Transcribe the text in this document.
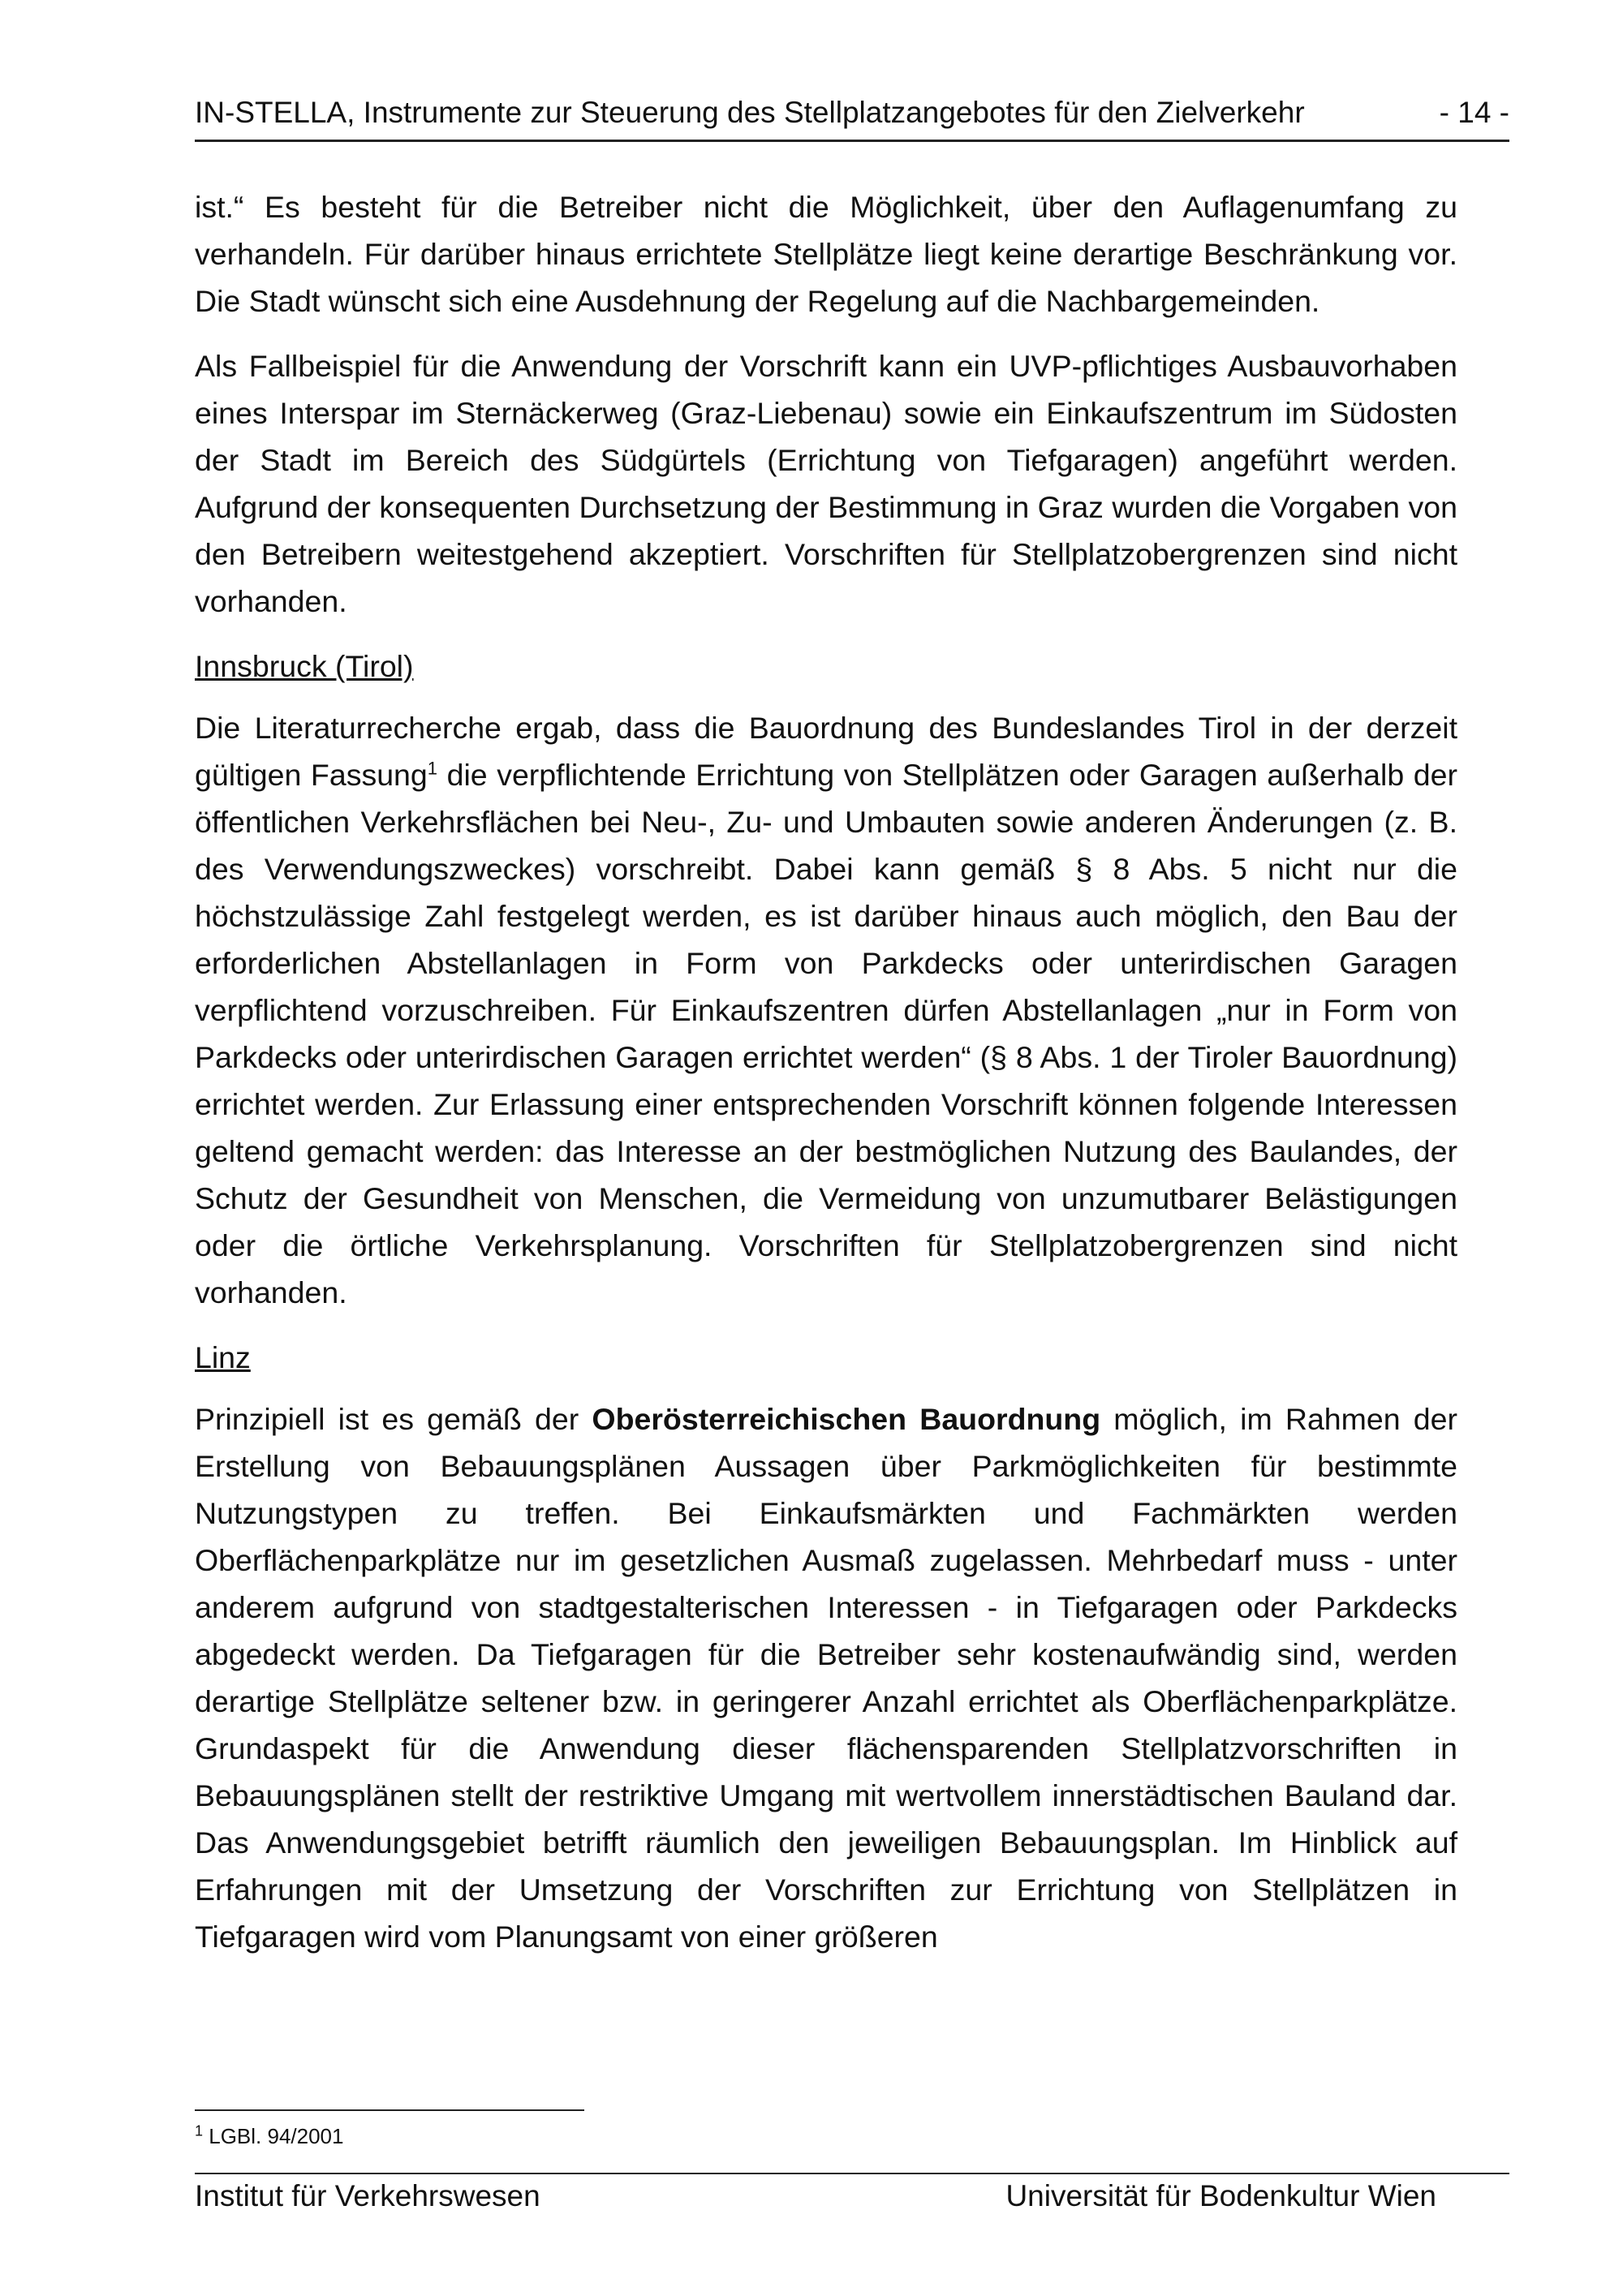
IN-STELLA, Instrumente zur Steuerung des Stellplatzangebotes für den Zielverkehr	- 14 -

ist.“ Es besteht für die Betreiber nicht die Möglichkeit, über den Auflagenumfang zu verhandeln. Für darüber hinaus errichtete Stellplätze liegt keine derartige Beschränkung vor. Die Stadt wünscht sich eine Ausdehnung der Regelung auf die Nachbargemeinden.

Als Fallbeispiel für die Anwendung der Vorschrift kann ein UVP-pflichtiges Ausbauvorhaben eines Interspar im Sternäckerweg (Graz-Liebenau) sowie ein Einkaufszentrum im Südosten der Stadt im Bereich des Südgürtels (Errichtung von Tiefgaragen) angeführt werden. Aufgrund der konsequenten Durchsetzung der Bestimmung in Graz wurden die Vorgaben von den Betreibern weitestgehend akzeptiert. Vorschriften für Stellplatzobergrenzen sind nicht vorhanden.

Innsbruck (Tirol)

Die Literaturrecherche ergab, dass die Bauordnung des Bundeslandes Tirol in der derzeit gültigen Fassung$^1$ die verpflichtende Errichtung von Stellplätzen oder Garagen außerhalb der öffentlichen Verkehrsflächen bei Neu-, Zu- und Umbauten sowie anderen Änderungen (z. B. des Verwendungszweckes) vorschreibt. Dabei kann gemäß § 8 Abs. 5 nicht nur die höchstzulässige Zahl festgelegt werden, es ist darüber hinaus auch möglich, den Bau der erforderlichen Abstellanlagen in Form von Parkdecks oder unterirdischen Garagen verpflichtend vorzuschreiben. Für Einkaufszentren dürfen Abstellanlagen „nur in Form von Parkdecks oder unterirdischen Garagen errichtet werden“ (§ 8 Abs. 1 der Tiroler Bauordnung) errichtet werden. Zur Erlassung einer entsprechenden Vorschrift können folgende Interessen geltend gemacht werden: das Interesse an der bestmöglichen Nutzung des Baulandes, der Schutz der Gesundheit von Menschen, die Vermeidung von unzumutbarer Belästigungen oder die örtliche Verkehrsplanung. Vorschriften für Stellplatzobergrenzen sind nicht vorhanden.

Linz

Prinzipiell ist es gemäß der Oberösterreichischen Bauordnung möglich, im Rahmen der Erstellung von Bebauungsplänen Aussagen über Parkmöglichkeiten für bestimmte Nutzungstypen zu treffen. Bei Einkaufsmärkten und Fachmärkten werden Oberflächenparkplätze nur im gesetzlichen Ausmaß zugelassen. Mehrbedarf muss - unter anderem aufgrund von stadtgestalterischen Interessen - in Tiefgaragen oder Parkdecks abgedeckt werden. Da Tiefgaragen für die Betreiber sehr kostenaufwändig sind, werden derartige Stellplätze seltener bzw. in geringerer Anzahl errichtet als Oberflächenparkplätze. Grundaspekt für die Anwendung dieser flächensparenden Stellplatzvorschriften in Bebauungsplänen stellt der restriktive Umgang mit wertvollem innerstädtischen Bauland dar. Das Anwendungsgebiet betrifft räumlich den jeweiligen Bebauungsplan. Im Hinblick auf Erfahrungen mit der Umsetzung der Vorschriften zur Errichtung von Stellplätzen in Tiefgaragen wird vom Planungsamt von einer größeren

$^1$ LGBl. 94/2001
Institut für Verkehrswesen	Universität für Bodenkultur Wien
